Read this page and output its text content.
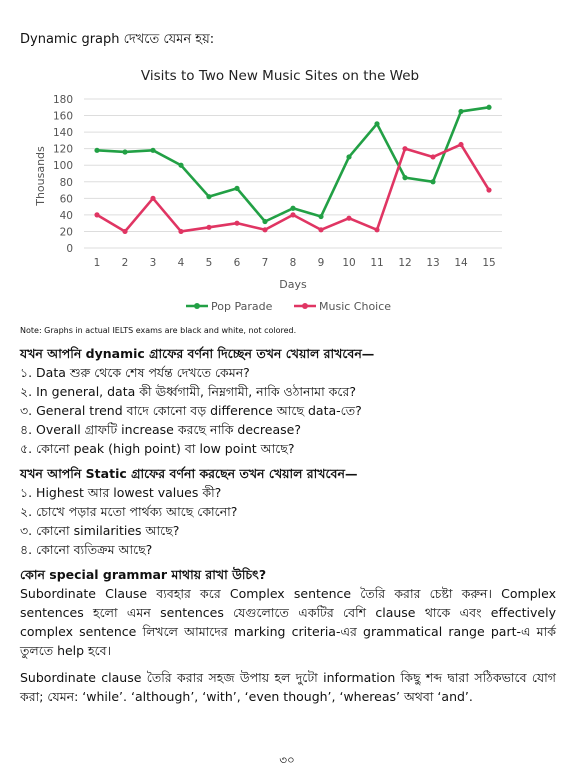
Dynamic graph দেখতে যেমন হয়:
Visits to Two New Music Sites on the Web
0
20
40
60
80
100
120
140
160
180
1 2 3 4 5 6 7 8 9 10 11 12 13 14 15
Thousands
Days
Pop Parade	Music Choice
Note: Graphs in actual IELTS exams are black and white, not colored.

যখন আপনি dynamic গ্রাফের বর্ণনা দিচ্ছেন তখন খেয়াল রাখবেন—

১. Data শুরু থেকে শেষ পর্যন্ত দেখতে কেমন?
২. In general, data কী ঊর্ধ্বগামী, নিম্নগামী, নাকি ওঠানামা করে?
৩. General trend বাদে কোনো বড় difference আছে data-তে?
৪. Overall গ্রাফটি increase করছে নাকি decrease?
৫. কোনো peak (high point) বা low point আছে?

যখন আপনি Static গ্রাফের বর্ণনা করছেন তখন খেয়াল রাখবেন—

১. Highest আর lowest values কী?
২. চোখে পড়ার মতো পার্থক্য আছে কোনো?
৩. কোনো similarities আছে?
৪. কোনো ব্যতিক্রম আছে?

কোন special grammar মাথায় রাখা উচিৎ?

Subordinate Clause ব্যবহার করে Complex sentence তৈরি করার চেষ্টা করুন। Complex sentences হলো এমন sentences যেগুলোতে একটির বেশি clause থাকে এবং effectively complex sentence লিখলে আমাদের marking criteria-এর grammatical range part-এ মার্ক তুলতে help হবে।

Subordinate clause তৈরি করার সহজ উপায় হল দুটো information কিছু শব্দ দ্বারা সঠিকভাবে যোগ করা; যেমন: ‘while’. ‘although’, ‘with’, ‘even though’, ‘whereas’ অথবা ‘and’.

৩০
